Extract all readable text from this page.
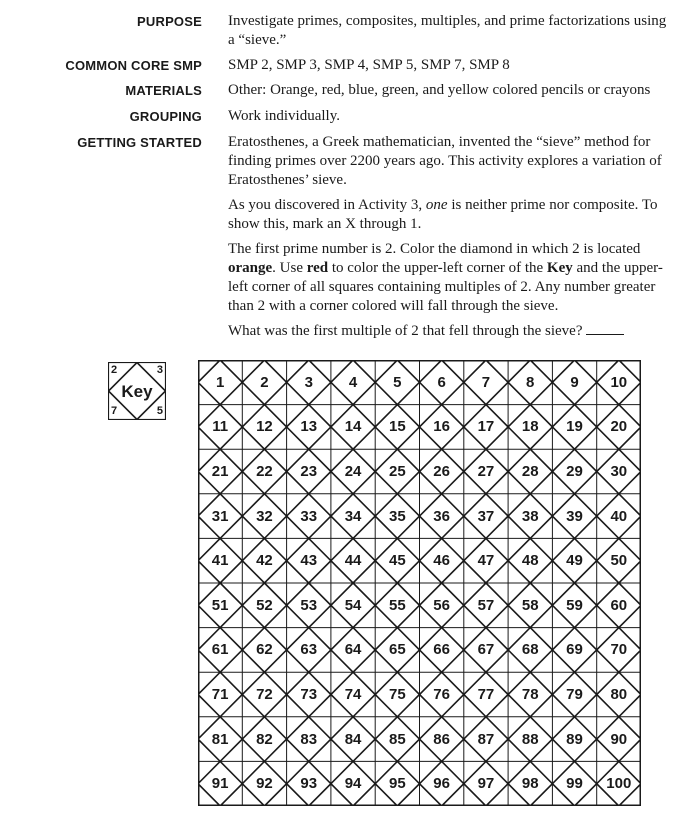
PURPOSE Investigate primes, composites, multiples, and prime factorizations using a “sieve.”
COMMON CORE SMP SMP 2, SMP 3, SMP 4, SMP 5, SMP 7, SMP 8
MATERIALS Other: Orange, red, blue, green, and yellow colored pencils or crayons
GROUPING Work individually.
GETTING STARTED Eratosthenes, a Greek mathematician, invented the “sieve” method for finding primes over 2200 years ago. This activity explores a variation of Eratosthenes’ sieve.

As you discovered in Activity 3, one is neither prime nor composite. To show this, mark an X through 1.

The first prime number is 2. Color the diamond in which 2 is located orange. Use red to color the upper-left corner of the Key and the upper-left corner of all squares containing multiples of 2. Any number greater than 2 with a corner colored will fall through the sieve.

What was the first multiple of 2 that fell through the sieve?

2	3
7	5
Key	1	2	3	4	5	6	7	8	9	10
11	12	13	14	15	16	17	18	19	20
21	22	23	24	25	26	27	28	29	30
31	32	33	34	35	36	37	38	39	40
41	42	43	44	45	46	47	48	49	50
51	52	53	54	55	56	57	58	59	60
61	62	63	64	65	66	67	68	69	70
71	72	73	74	75	76	77	78	79	80
81	82	83	84	85	86	87	88	89	90
91	92	93	94	95	96	97	98	99	100
